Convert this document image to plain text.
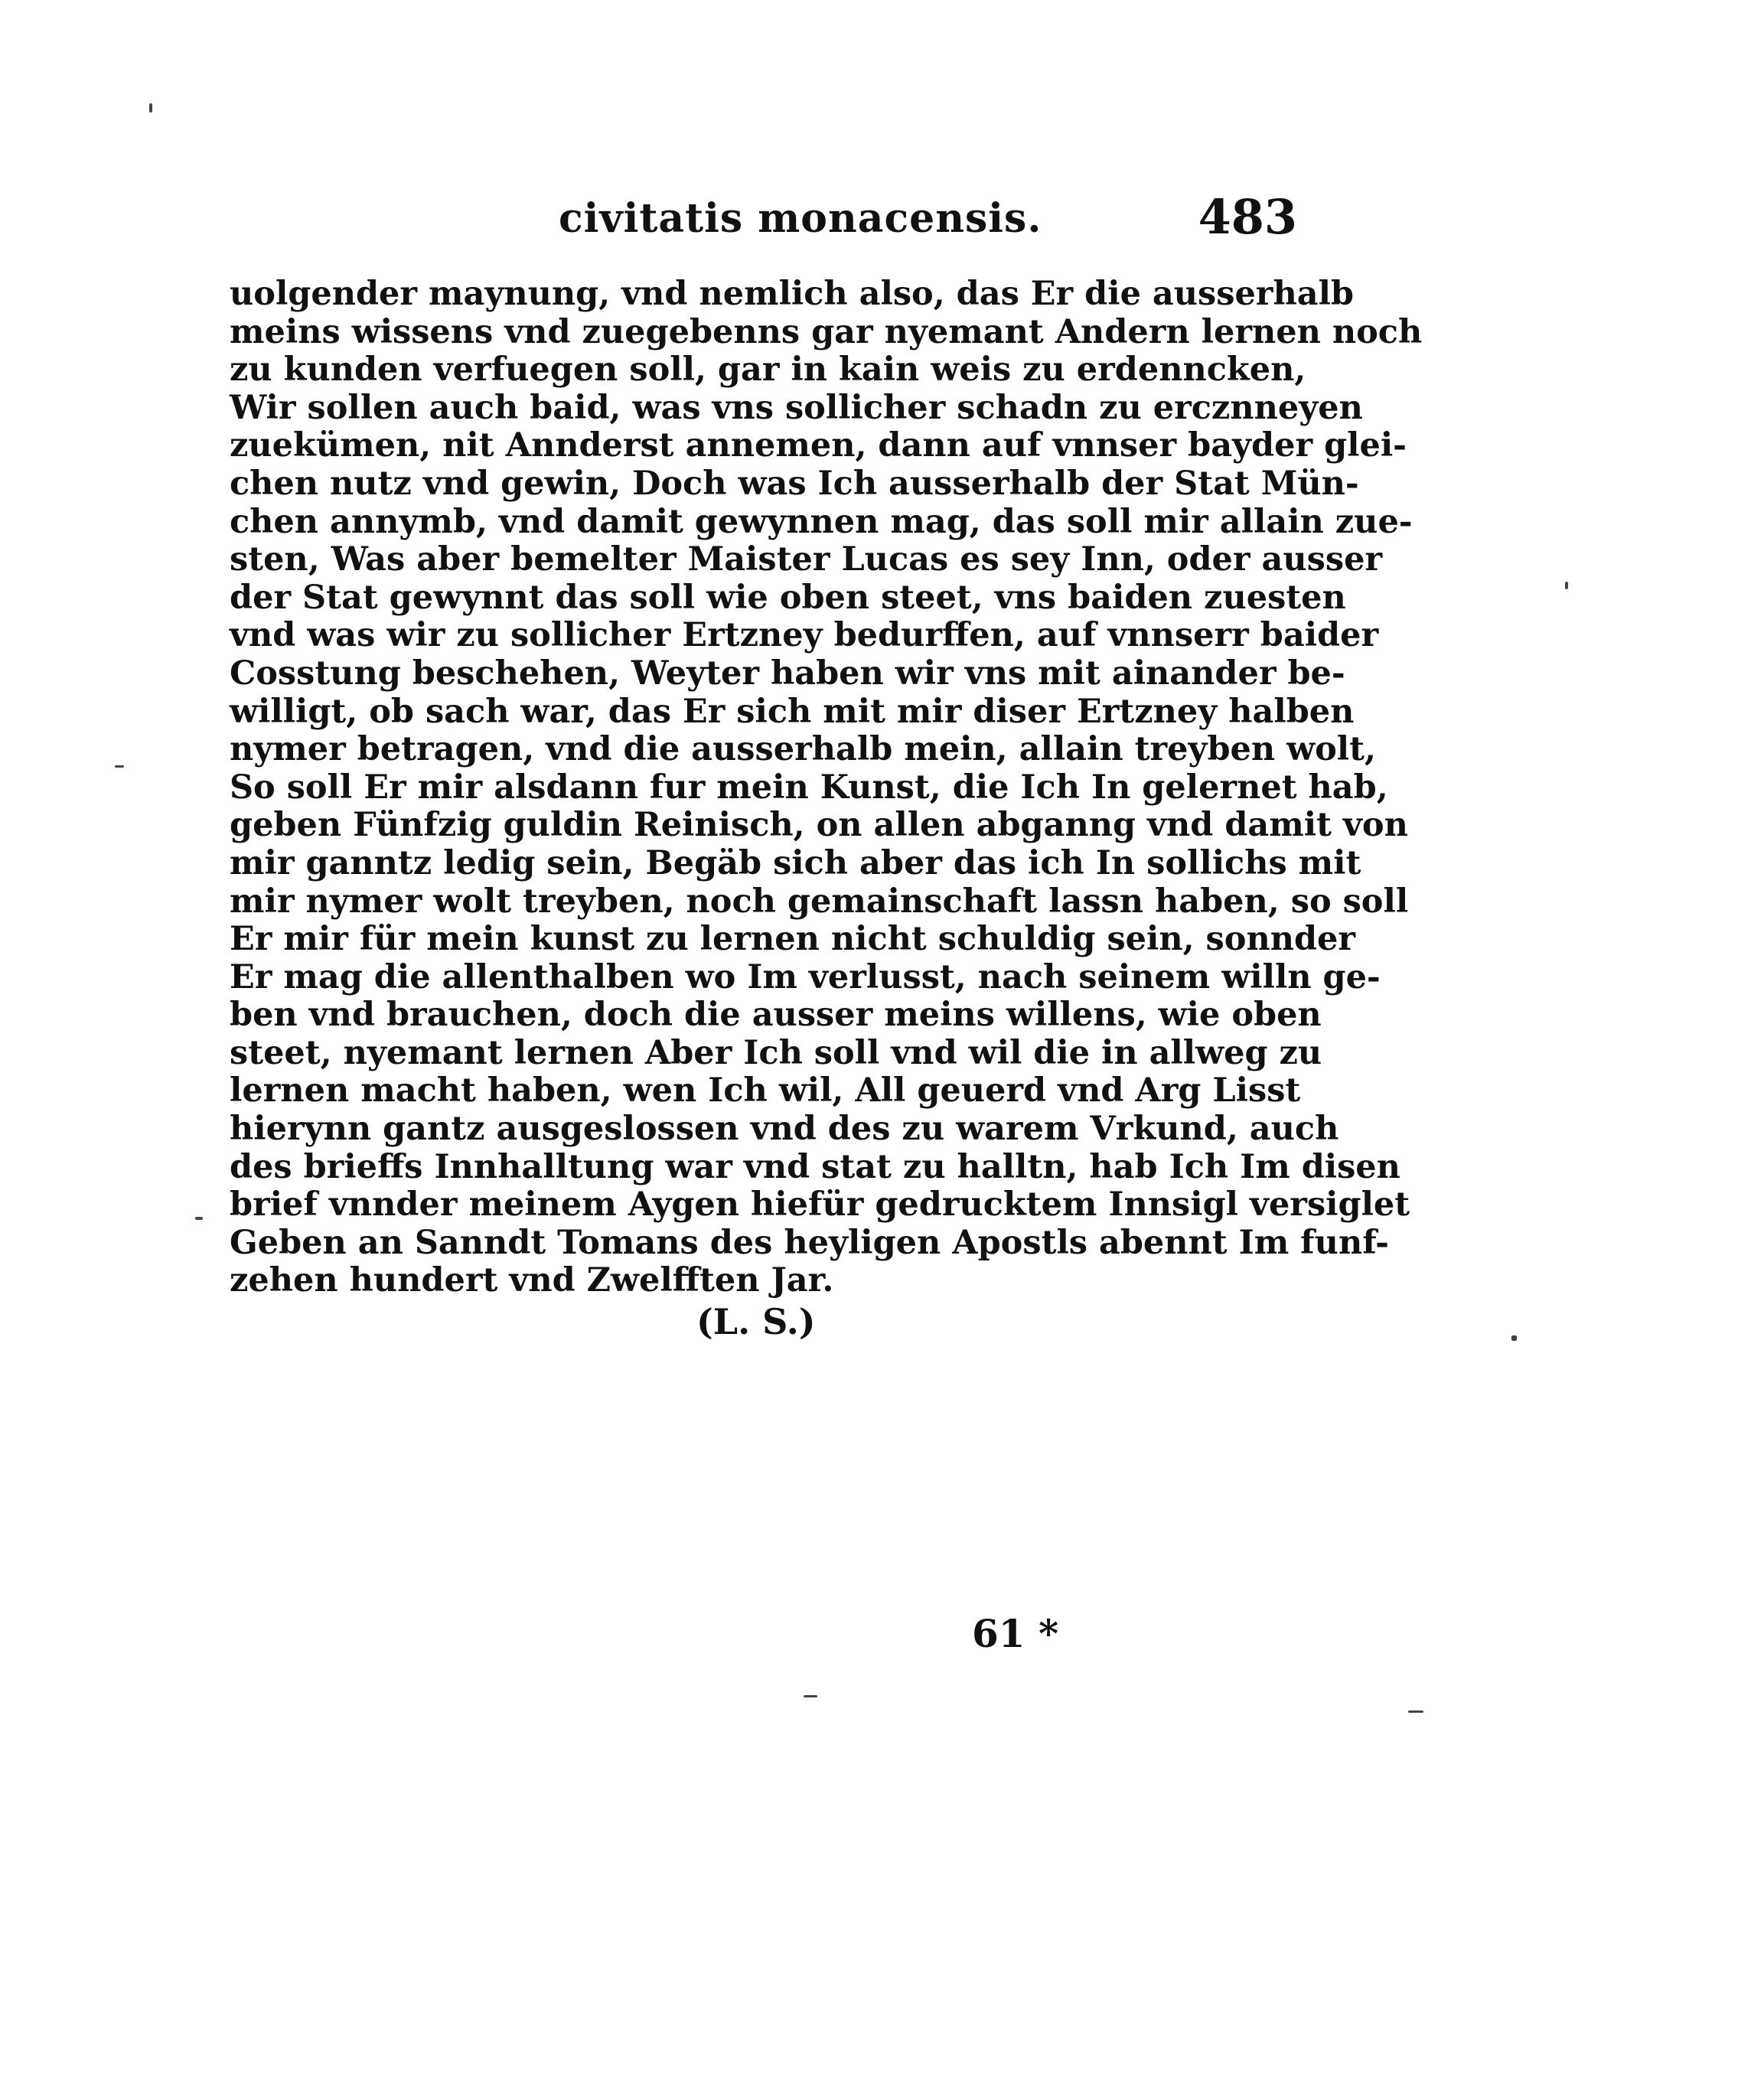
civitatis monacensis.	483
uolgender maynung, vnd nemlich also, das Er die ausserhalb
meins wissens vnd zuegebenns gar nyemant Andern lernen noch
zu kunden verfuegen soll, gar in kain weis zu erdenncken,
Wir sollen auch baid, was vns sollicher schadn zu ercznneyen
zuekümen, nit Annderst annemen, dann auf vnnser bayder glei-
chen nutz vnd gewin, Doch was Ich ausserhalb der Stat Mün-
chen annymb, vnd damit gewynnen mag, das soll mir allain zue-
sten, Was aber bemelter Maister Lucas es sey Inn, oder ausser
der Stat gewynnt das soll wie oben steet, vns baiden zuesten
vnd was wir zu sollicher Ertzney bedurffen, auf vnnserr baider
Cosstung beschehen, Weyter haben wir vns mit ainander be-
willigt, ob sach war, das Er sich mit mir diser Ertzney halben
nymer betragen, vnd die ausserhalb mein, allain treyben wolt,
So soll Er mir alsdann fur mein Kunst, die Ich In gelernet hab,
geben Fünfzig guldin Reinisch, on allen abganng vnd damit von
mir ganntz ledig sein, Begäb sich aber das ich In sollichs mit
mir nymer wolt treyben, noch gemainschaft lassn haben, so soll
Er mir für mein kunst zu lernen nicht schuldig sein, sonnder
Er mag die allenthalben wo Im verlusst, nach seinem willn ge-
ben vnd brauchen, doch die ausser meins willens, wie oben
steet, nyemant lernen Aber Ich soll vnd wil die in allweg zu
lernen macht haben, wen Ich wil, All geuerd vnd Arg Lisst
hierynn gantz ausgeslossen vnd des zu warem Vrkund, auch
des brieffs Innhalltung war vnd stat zu halltn, hab Ich Im disen
brief vnnder meinem Aygen hiefür gedrucktem Innsigl versiglet
Geben an Sanndt Tomans des heyligen Apostls abennt Im funf-
zehen hundert vnd Zwelfften Jar.
(L. S.)
61 *
